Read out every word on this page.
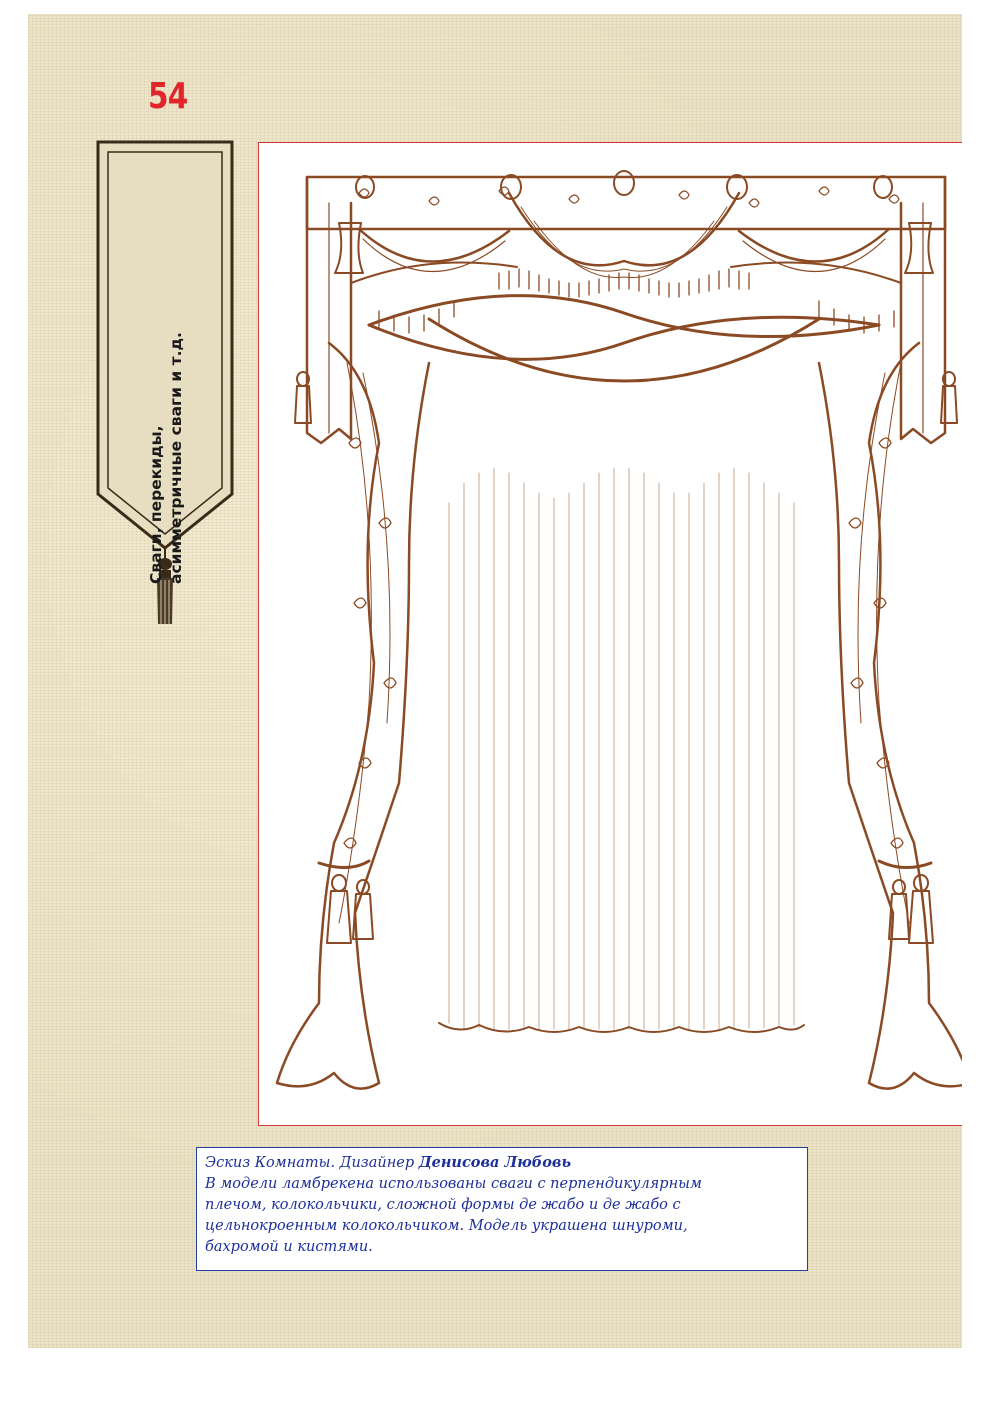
54
Сваги, перекиды, асимметричные сваги и т.д.
Эскиз Комнаты. Дизайнер Денисова Любовь
В модели ламбрекена использованы сваги с перпендикулярным
плечом, колокольчики, сложной формы де жабо и де жабо с
цельнокроенным колокольчиком. Модель украшена шнуроми,
бахромой и кистями.
